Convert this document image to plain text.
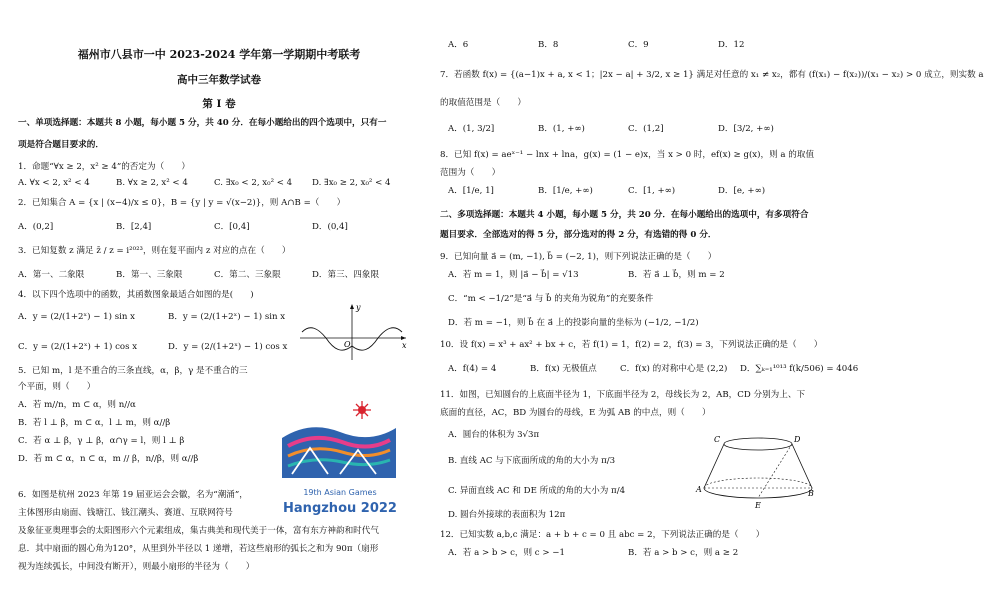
福州市八县市一中 2023-2024 学年第一学期期中考联考
高中三年数学试卷
第 Ⅰ 卷
一、单项选择题：本题共 8 小题，每小题 5 分，共 40 分．在每小题给出的四个选项中，只有一
项是符合题目要求的．
1．命题“∀x ≥ 2，x² ≥ 4”的否定为（　　）
A. ∀x < 2, x² < 4	B. ∀x ≥ 2, x² < 4	C. ∃x₀ < 2, x₀² < 4 D. ∃x₀ ≥ 2, x₀² < 4
2．已知集合 A = {x | (x−4)/x ≤ 0}，B = {y | y = √(x−2)}，则 A∩B =（　　）
A．(0,2]	B．[2,4]	C．[0,4]	D．(0,4]
3．已知复数 z 满足 z̄ / z = i²⁰²³，则在复平面内 z 对应的点在（　　）
A．第一、二象限	B．第一、三象限	C．第二、三象限	D．第三、四象限
4．以下四个选项中的函数，其函数图象最适合如图的是(　　)
A．y = (2/(1+2ˣ) − 1) sin x	B．y = (2/(1+2ˣ) − 1) sin x
C．y = (2/(1+2ˣ) + 1) cos x	D．y = (2/(1+2ˣ) − 1) cos x
y
x
O
5．已知 m，l 是不重合的三条直线，α，β，γ 是不重合的三
个平面，则（　　）
A．若 m//n，m ⊂ α，则 n//α
B．若 l ⊥ β，m ⊂ α，l ⊥ m，则 α//β
C．若 α ⊥ β，γ ⊥ β，α∩γ = l，则 l ⊥ β
D．若 m ⊂ α，n ⊂ α，m // β，n//β，则 α//β
19th Asian Games
Hangzhou 2022
6．如图是杭州 2023 年第 19 届亚运会会徽，名为“潮涌”，
主体图形由扇面、钱塘江、钱江潮头、赛道、互联网符号
及象征亚奥理事会的太阳图形六个元素组成，集古典美和现代美于一体，富有东方神韵和时代气
息．其中扇面的圆心角为120°，从里到外半径以 1 递增，若这些扇形的弧长之和为 90π（扇形
视为连续弧长，中间没有断开），则最小扇形的半径为（　　）
A．6	B．8	C．9	D．12
7．若函数 f(x) = {(a−1)x + a, x < 1；|2x − a| + 3/2, x ≥ 1} 满足对任意的 x₁ ≠ x₂，都有 (f(x₁) − f(x₂))/(x₁ − x₂) > 0 成立，则实数 a
的取值范围是（　　）
A．(1, 3/2]	B．(1, +∞)	C．(1,2]	D．[3/2, +∞)
8．已知 f(x) = aeˣ⁻¹ − lnx + lna，g(x) = (1 − e)x，当 x > 0 时，ef(x) ≥ g(x)，则 a 的取值
范围为（　　）
A．[1/e, 1]	B．[1/e, +∞)	C．[1, +∞)	D．[e, +∞)
二、多项选择题：本题共 4 小题，每小题 5 分，共 20 分．在每小题给出的选项中，有多项符合
题目要求．全部选对的得 5 分，部分选对的得 2 分，有选错的得 0 分．
9．已知向量 a⃗ = (m, −1), b⃗ = (−2, 1)，则下列说法正确的是（　　）
A．若 m = 1，则 |a⃗ − b⃗| = √13	B．若 a⃗ ⊥ b⃗，则 m = 2
C．“m < −1/2”是“a⃗ 与 b⃗ 的夹角为锐角”的充要条件
D．若 m = −1，则 b⃗ 在 a⃗ 上的投影向量的坐标为 (−1/2, −1/2)
10．设 f(x) = x³ + ax² + bx + c，若 f(1) = 1，f(2) = 2，f(3) = 3，下列说法正确的是（　　）
A．f(4) = 4	B．f(x) 无极值点	C．f(x) 的对称中心是 (2,2) D．∑ₖ₌₁¹⁰¹³ f(k/506) = 4046
11．如图，已知圆台的上底面半径为 1，下底面半径为 2，母线长为 2，AB，CD 分别为上、下
底面的直径，AC，BD 为圆台的母线，E 为弧 AB 的中点，则（　　）
A．圆台的体积为 3√3π
B. 直线 AC 与下底面所成的角的大小为 π/3
C. 异面直线 AC 和 DE 所成的角的大小为 π/4
D. 圆台外接球的表面积为 12π
C	D
A	B
E
12．已知实数 a,b,c 满足：a + b + c = 0 且 abc = 2，下列说法正确的是（　　）
A．若 a > b > c，则 c > −1	B．若 a > b > c，则 a ≥ 2
